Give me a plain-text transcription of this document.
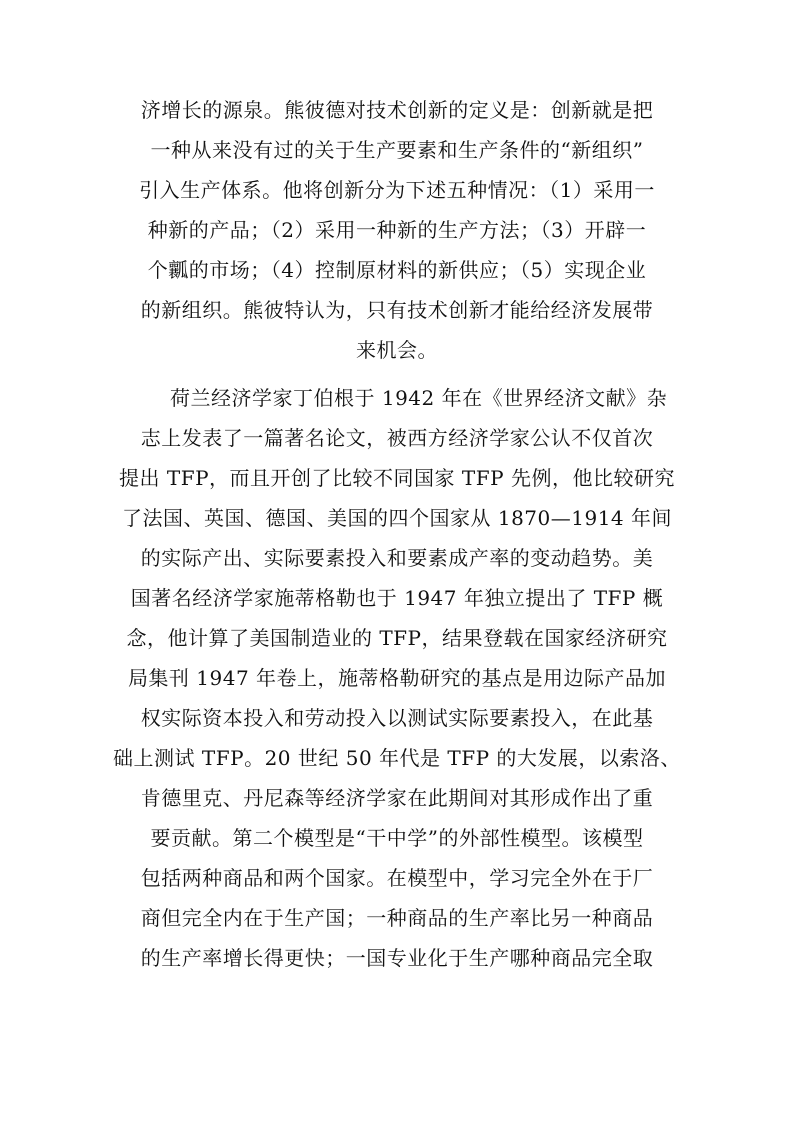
济增长的源泉。熊彼德对技术创新的定义是：创新就是把
一种从来没有过的关于生产要素和生产条件的“新组织”
引入生产体系。他将创新分为下述五种情况：（1）采用一
种新的产品；（2）采用一种新的生产方法；（3）开辟一
个瓤的市场；（4）控制原材料的新供应；（5）实现企业
的新组织。熊彼特认为，只有技术创新才能给经济发展带
来机会。
荷兰经济学家丁伯根于 1942 年在《世界经济文献》杂
志上发表了一篇著名论文，被西方经济学家公认不仅首次
提出 TFP，而且开创了比较不同国家 TFP 先例，他比较研究
了法国、英国、德国、美国的四个国家从 1870—1914 年间
的实际产出、实际要素投入和要素成产率的变动趋势。美
国著名经济学家施蒂格勒也于 1947 年独立提出了 TFP 概
念，他计算了美国制造业的 TFP，结果登载在国家经济研究
局集刊 1947 年卷上，施蒂格勒研究的基点是用边际产品加
权实际资本投入和劳动投入以测试实际要素投入，在此基
础上测试 TFP。20 世纪 50 年代是 TFP 的大发展，以索洛、
肯德里克、丹尼森等经济学家在此期间对其形成作出了重
要贡献。第二个模型是“干中学”的外部性模型。该模型
包括两种商品和两个国家。在模型中，学习完全外在于厂
商但完全内在于生产国；一种商品的生产率比另一种商品
的生产率增长得更快；一国专业化于生产哪种商品完全取
